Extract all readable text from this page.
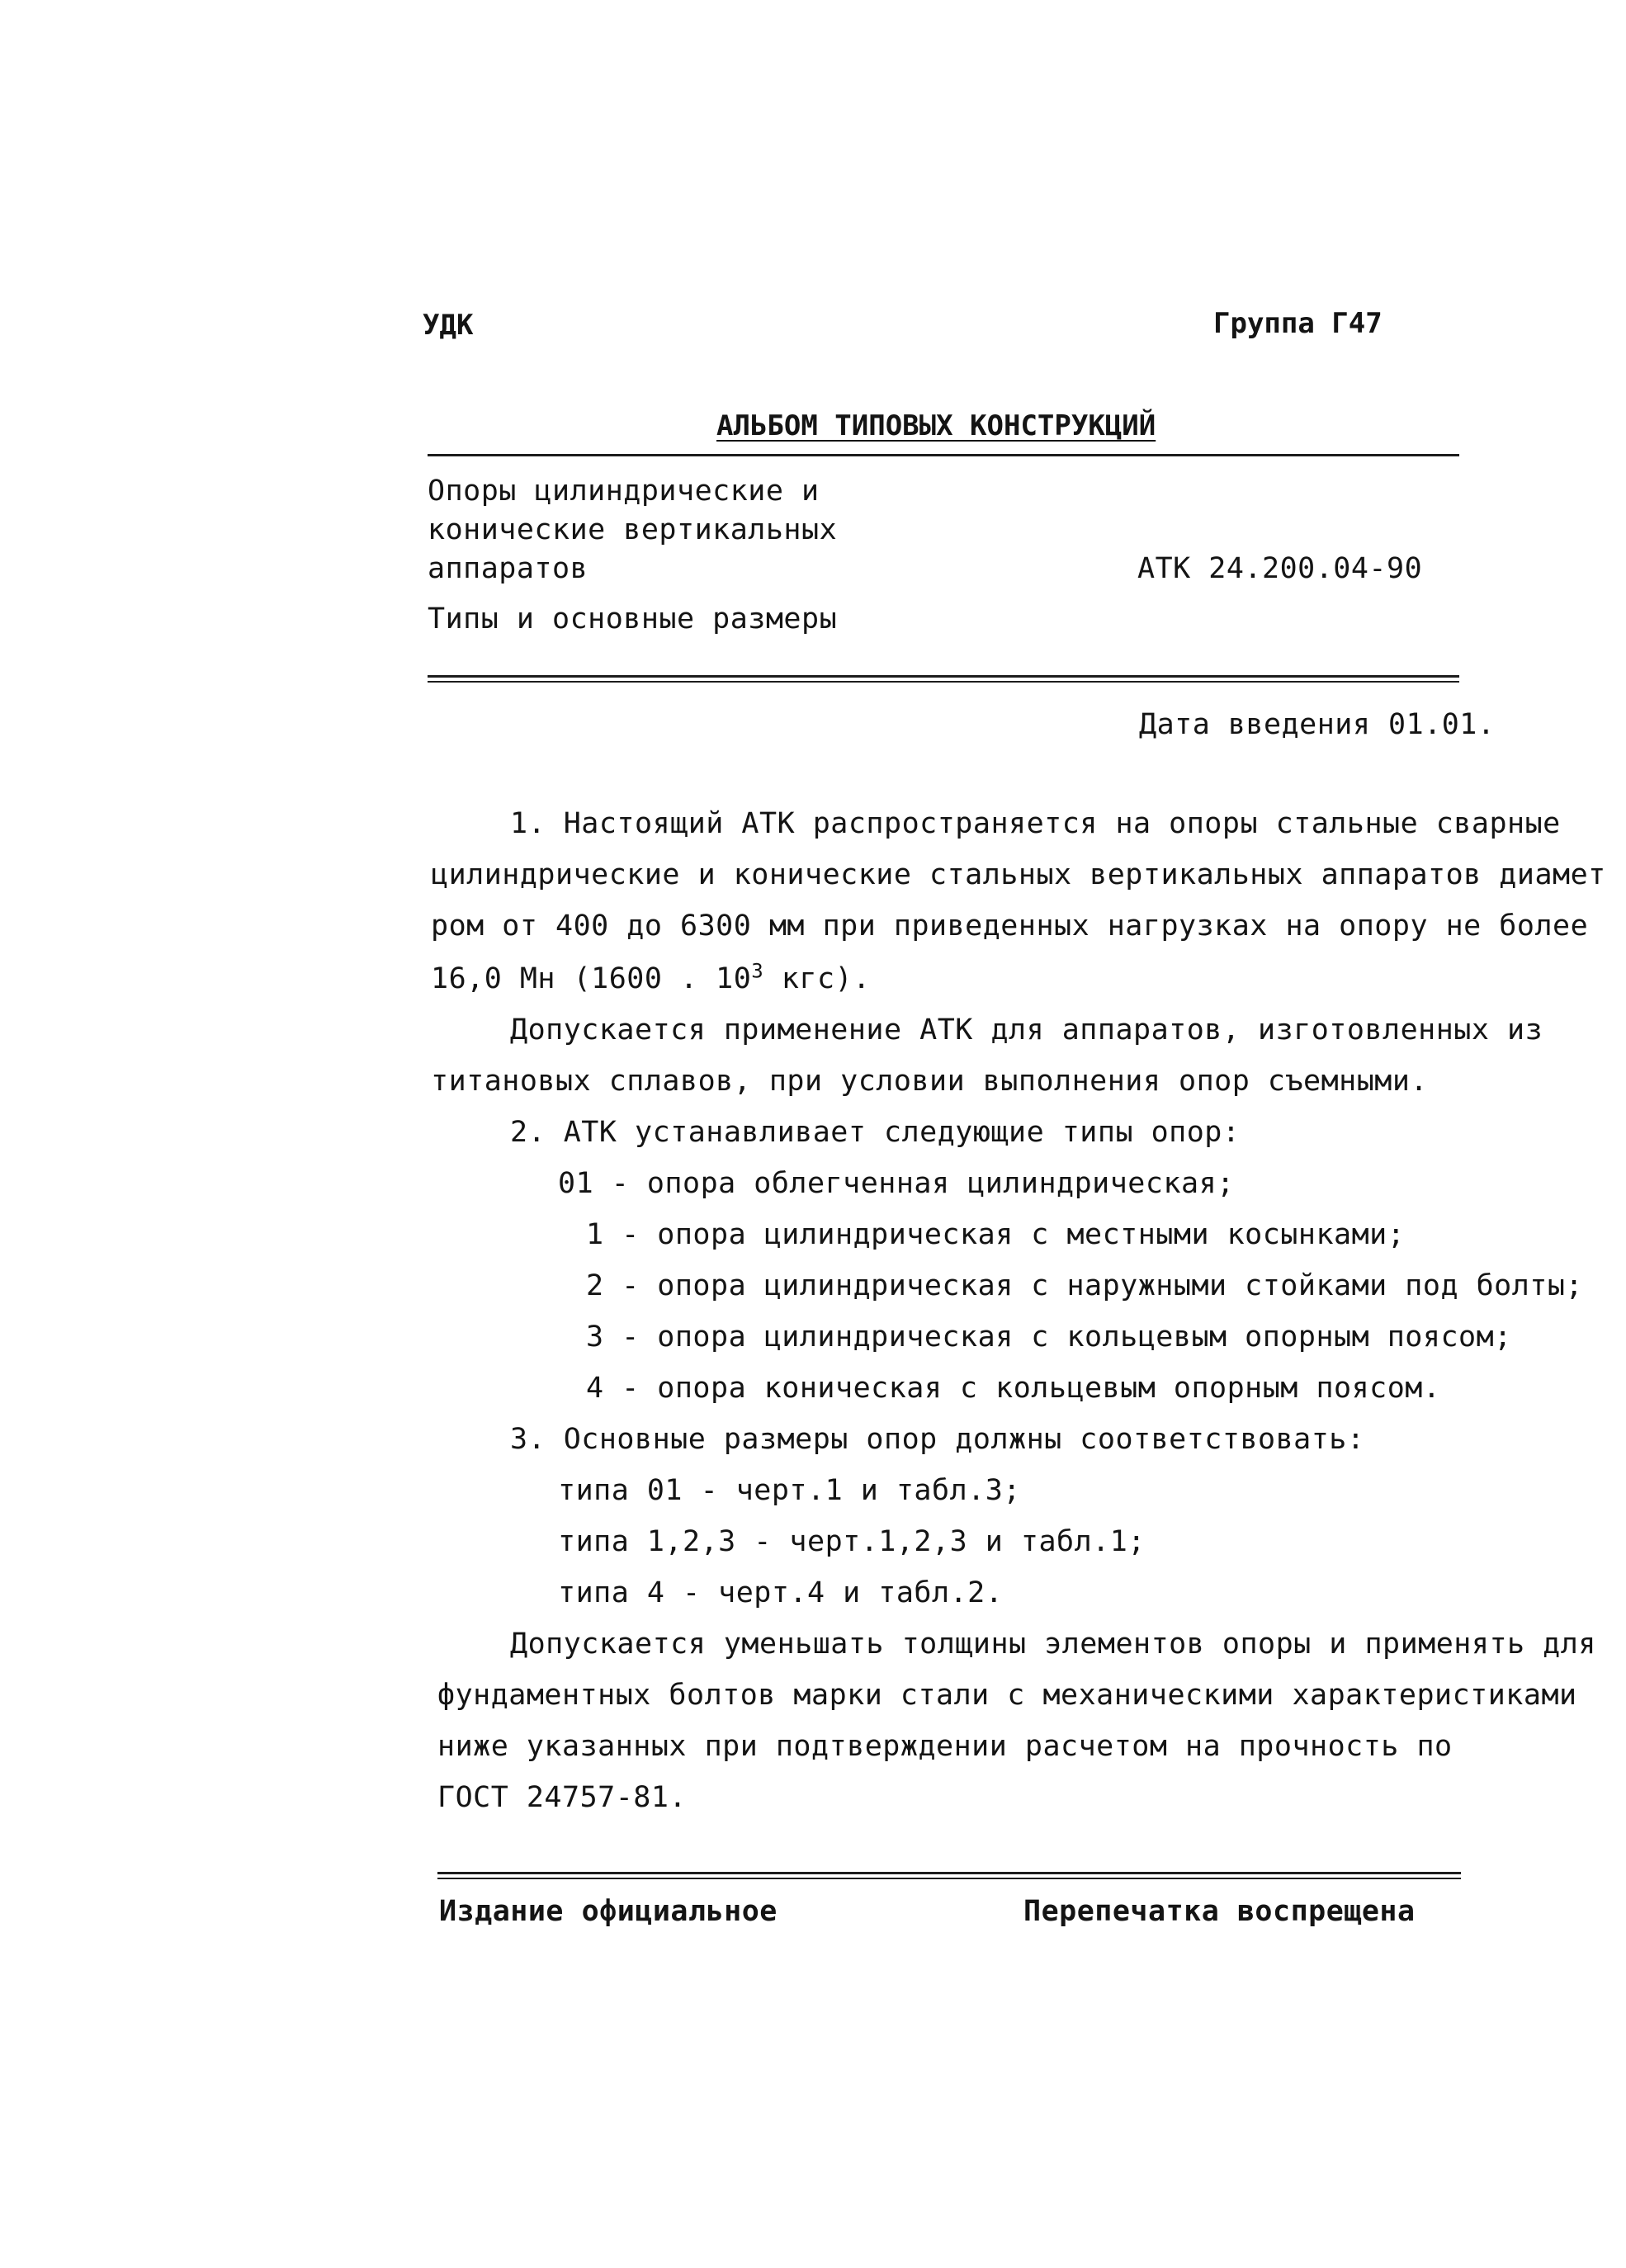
УДК	Группа Г47
АЛЬБОМ ТИПОВЫХ КОНСТРУКЦИЙ
Опоры цилиндрические и
конические вертикальных
аппаратов
Типы и основные размеры
АТК 24.200.04-90
Дата введения 01.01.
1. Настоящий АТК распространяется на опоры стальные сварные
цилиндрические и конические стальных вертикальных аппаратов диамет
ром от 400 до 6300 мм при приведенных нагрузках на опору не более
16,0 Мн (1600 . $10^3$ кгс).
Допускается применение АТК для аппаратов, изготовленных из
титановых сплавов, при условии выполнения опор съемными.
2. АТК устанавливает следующие типы опор:
01 - опора облегченная цилиндрическая;
1 - опора цилиндрическая с местными косынками;
2 - опора цилиндрическая с наружными стойками под болты;
3 - опора цилиндрическая с кольцевым опорным поясом;
4 - опора коническая с кольцевым опорным поясом.
3. Основные размеры опор должны соответствовать:
типа 01 - черт.1 и табл.3;
типа 1,2,3 - черт.1,2,3 и табл.1;
типа 4 - черт.4 и табл.2.
Допускается уменьшать толщины элементов опоры и применять для
фундаментных болтов марки стали с механическими характеристиками
ниже указанных при подтверждении расчетом на прочность по
ГОСТ 24757-81.
Издание официальное	Перепечатка воспрещена
